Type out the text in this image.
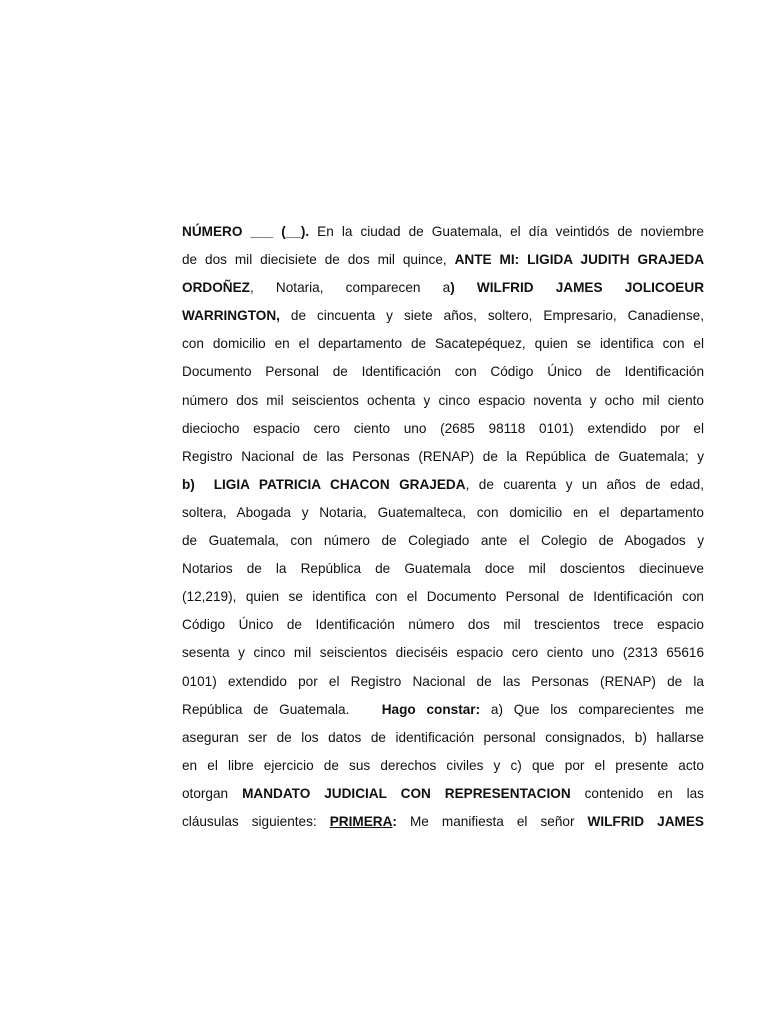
NÚMERO ___ (__). En la ciudad de Guatemala, el día veintidós de noviembre
de dos mil diecisiete de dos mil quince, ANTE MI: LIGIDA JUDITH GRAJEDA
ORDOÑEZ, Notaria, comparecen a) WILFRID JAMES JOLICOEUR
WARRINGTON, de cincuenta y siete años, soltero, Empresario, Canadiense,
con domicilio en el departamento de Sacatepéquez, quien se identifica con el
Documento Personal de Identificación con Código Único de Identificación
número dos mil seiscientos ochenta y cinco espacio noventa y ocho mil ciento
dieciocho espacio cero ciento uno (2685 98118 0101) extendido por el
Registro Nacional de las Personas (RENAP) de la República de Guatemala; y
b)  LIGIA PATRICIA CHACON GRAJEDA, de cuarenta y un años de edad,
soltera, Abogada y Notaria, Guatemalteca, con domicilio en el departamento
de Guatemala, con número de Colegiado ante el Colegio de Abogados y
Notarios de la República de Guatemala doce mil doscientos diecinueve
(12,219), quien se identifica con el Documento Personal de Identificación con
Código Único de Identificación número dos mil trescientos trece espacio
sesenta y cinco mil seiscientos dieciséis espacio cero ciento uno (2313 65616
0101) extendido por el Registro Nacional de las Personas (RENAP) de la
República de Guatemala.   Hago constar: a) Que los comparecientes me
aseguran ser de los datos de identificación personal consignados, b) hallarse
en el libre ejercicio de sus derechos civiles y c) que por el presente acto
otorgan MANDATO JUDICIAL CON REPRESENTACION contenido en las
cláusulas siguientes: PRIMERA: Me manifiesta el señor WILFRID JAMES
